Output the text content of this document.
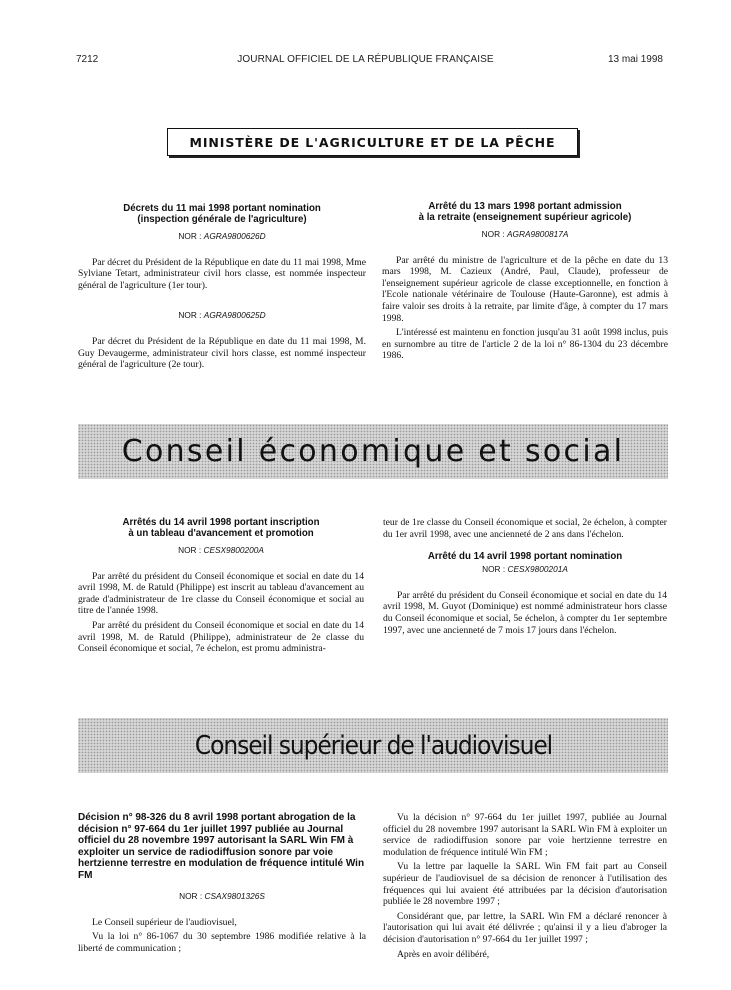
7212	JOURNAL OFFICIEL DE LA RÉPUBLIQUE FRANÇAISE	13 mai 1998
MINISTÈRE DE L'AGRICULTURE ET DE LA PÊCHE
Décrets du 11 mai 1998 portant nomination
(inspection générale de l'agriculture)
NOR : AGRA9800626D

Par décret du Président de la République en date du 11 mai 1998, Mme Sylviane Tetart, administrateur civil hors classe, est nommée inspecteur général de l'agriculture (1er tour).

NOR : AGRA9800625D

Par décret du Président de la République en date du 11 mai 1998, M. Guy Devaugerme, administrateur civil hors classe, est nommé inspecteur général de l'agriculture (2e tour).

Arrêté du 13 mars 1998 portant admission
à la retraite (enseignement supérieur agricole)
NOR : AGRA9800817A

Par arrêté du ministre de l'agriculture et de la pêche en date du 13 mars 1998, M. Cazieux (André, Paul, Claude), professeur de l'enseignement supérieur agricole de classe exceptionnelle, en fonction à l'Ecole nationale vétérinaire de Toulouse (Haute-Garonne), est admis à faire valoir ses droits à la retraite, par limite d'âge, à compter du 17 mars 1998.

L'intéressé est maintenu en fonction jusqu'au 31 août 1998 inclus, puis en surnombre au titre de l'article 2 de la loi n° 86-1304 du 23 décembre 1986.

Conseil économique et social
Arrêtés du 14 avril 1998 portant inscription
à un tableau d'avancement et promotion
NOR : CESX9800200A

Par arrêté du président du Conseil économique et social en date du 14 avril 1998, M. de Ratuld (Philippe) est inscrit au tableau d'avancement au grade d'administrateur de 1re classe du Conseil économique et social au titre de l'année 1998.

Par arrêté du président du Conseil économique et social en date du 14 avril 1998, M. de Ratuld (Philippe), administrateur de 2e classe du Conseil économique et social, 7e échelon, est promu administra-

teur de 1re classe du Conseil économique et social, 2e échelon, à compter du 1er avril 1998, avec une ancienneté de 2 ans dans l'échelon.

Arrêté du 14 avril 1998 portant nomination
NOR : CESX9800201A

Par arrêté du président du Conseil économique et social en date du 14 avril 1998, M. Guyot (Dominique) est nommé administrateur hors classe du Conseil économique et social, 5e échelon, à compter du 1er septembre 1997, avec une ancienneté de 7 mois 17 jours dans l'échelon.

Conseil supérieur de l'audiovisuel
Décision n° 98-326 du 8 avril 1998 portant abrogation de la décision n° 97-664 du 1er juillet 1997 publiée au Journal officiel du 28 novembre 1997 autorisant la SARL Win FM à exploiter un service de radiodiffusion sonore par voie hertzienne terrestre en modulation de fréquence intitulé Win FM
NOR : CSAX9801326S

Le Conseil supérieur de l'audiovisuel,

Vu la loi n° 86-1067 du 30 septembre 1986 modifiée relative à la liberté de communication ;

Vu la décision n° 97-664 du 1er juillet 1997, publiée au Journal officiel du 28 novembre 1997 autorisant la SARL Win FM à exploiter un service de radiodiffusion sonore par voie hertzienne terrestre en modulation de fréquence intitulé Win FM ;

Vu la lettre par laquelle la SARL Win FM fait part au Conseil supérieur de l'audiovisuel de sa décision de renoncer à l'utilisation des fréquences qui lui avaient été attribuées par la décision d'autorisation publiée le 28 novembre 1997 ;

Considérant que, par lettre, la SARL Win FM a déclaré renoncer à l'autorisation qui lui avait été délivrée ; qu'ainsi il y a lieu d'abroger la décision d'autorisation n° 97-664 du 1er juillet 1997 ;

Après en avoir délibéré,
